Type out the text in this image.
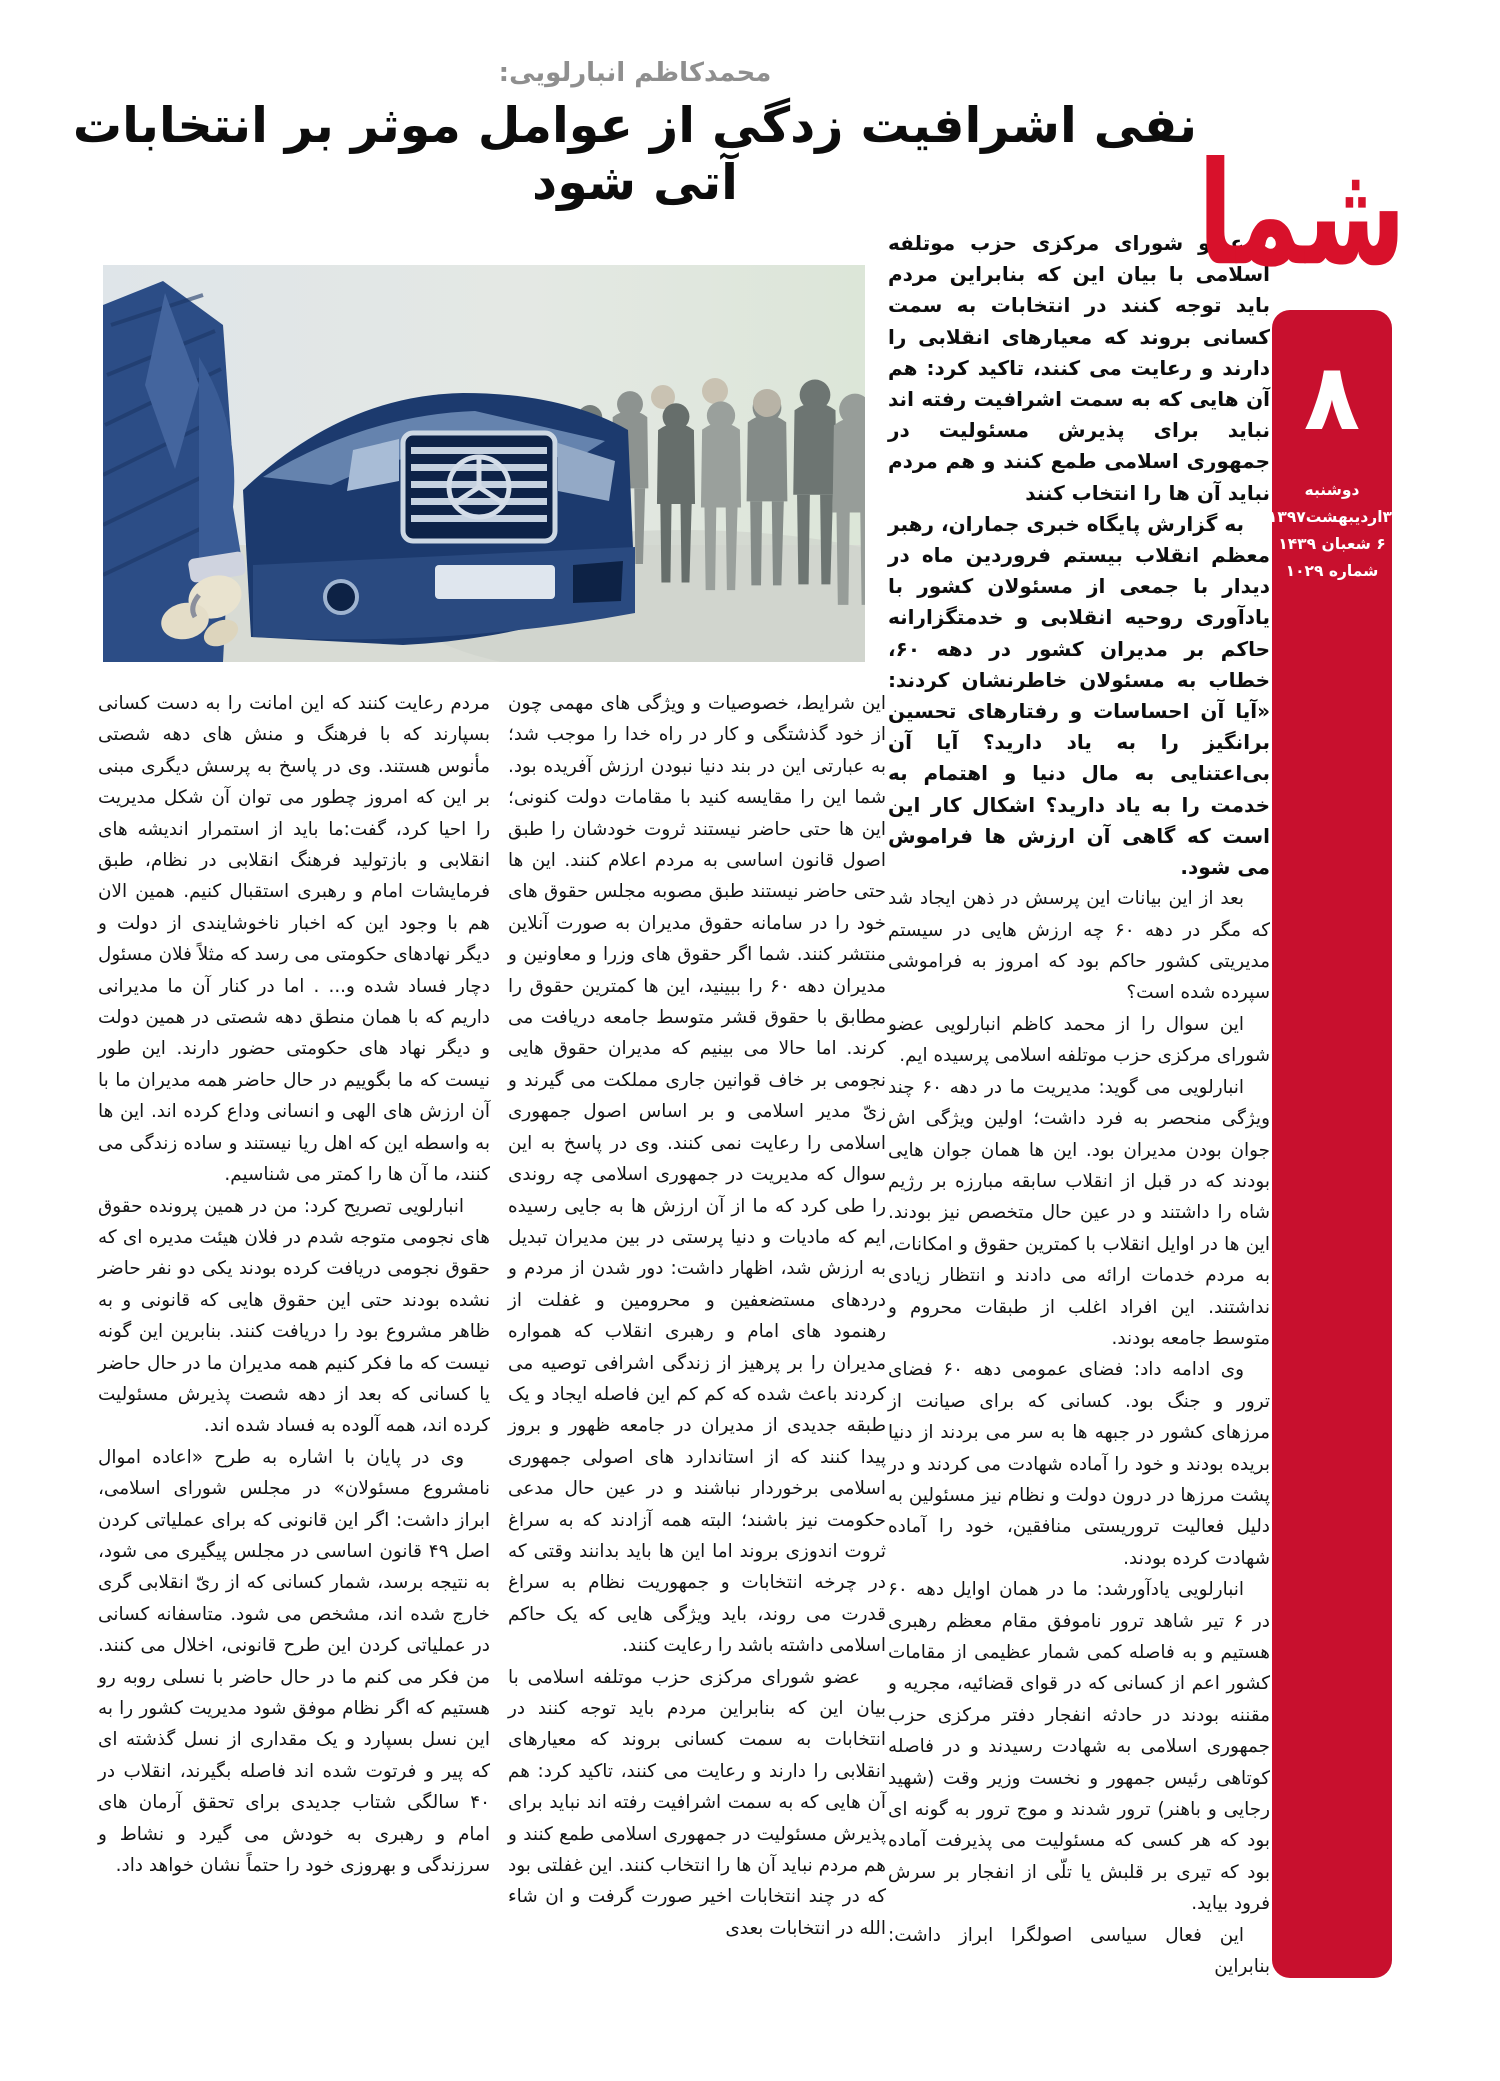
محمدکاظم انبارلویی:
نفی اشرافیت زدگی از عوامل موثر بر انتخابات آتی شود

عضو شورای مرکزی حزب موتلفه اسلامی با بیان این که بنابراین مردم باید توجه کنند در انتخابات به سمت کسانی بروند که معیارهای انقلابی را دارند و رعایت می کنند، تاکید کرد: هم آن هایی که به سمت اشرافیت رفته اند نباید برای پذیرش مسئولیت در جمهوری اسلامی طمع کنند و هم مردم نباید آن ها را انتخاب کنند

به گزارش پایگاه خبری جماران، رهبر معظم انقلاب بیستم فروردین ماه در دیدار با جمعی از مسئولان کشور با یادآوری روحیه انقلابی و خدمتگزارانه حاکم بر مدیران کشور در دهه ۶۰، خطاب به مسئولان خاطرنشان کردند: «آیا آن احساسات و رفتارهای تحسین برانگیز را به یاد دارید؟ آیا آن بی‌اعتنایی به مال دنیا و اهتمام به خدمت را به یاد دارید؟ اشکال کار این است که گاهی آن ارزش ها فراموش می شود.

بعد از این بیانات این پرسش در ذهن ایجاد شد که مگر در دهه ۶۰ چه ارزش هایی در سیستم مدیریتی کشور حاکم بود که امروز به فراموشی سپرده شده است؟

این سوال را از محمد کاظم انبارلویی عضو شورای مرکزی حزب موتلفه اسلامی پرسیده ایم.

انبارلویی می گوید: مدیریت ما در دهه ۶۰ چند ویژگی منحصر به فرد داشت؛ اولین ویژگی اش جوان بودن مدیران بود. این ها همان جوان هایی بودند که در قبل از انقلاب سابقه مبارزه بر رژیم شاه را داشتند و در عین حال متخصص نیز بودند. این ها در اوایل انقلاب با کمترین حقوق و امکانات، به مردم خدمات ارائه می دادند و انتظار زیادی نداشتند. این افراد اغلب از طبقات محروم و متوسط جامعه بودند.

وی ادامه داد: فضای عمومی دهه ۶۰ فضای ترور و جنگ بود. کسانی که برای صیانت از مرزهای کشور در جبهه ها به سر می بردند از دنیا بریده بودند و خود را آماده شهادت می کردند و در پشت مرزها در درون دولت و نظام نیز مسئولین به دلیل فعالیت تروریستی منافقین، خود را آماده شهادت کرده بودند.

انبارلویی یادآورشد: ما در همان اوایل دهه ۶۰ در ۶ تیر شاهد ترور ناموفق مقام معظم رهبری هستیم و به فاصله کمی شمار عظیمی از مقامات کشور اعم از کسانی که در قوای قضائیه، مجریه و مقننه بودند در حادثه انفجار دفتر مرکزی حزب جمهوری اسلامی به شهادت رسیدند و در فاصله کوتاهی رئیس جمهور و نخست وزیر وقت (شهید رجایی و باهنر) ترور شدند و موج ترور به گونه ای بود که هر کسی که مسئولیت می پذیرفت آماده بود که تیری بر قلبش یا تلّی از انفجار بر سرش فرود بیاید.

این فعال سیاسی اصولگرا ابراز داشت: بنابراین

این شرایط، خصوصیات و ویژگی های مهمی چون از خود گذشتگی و کار در راه خدا را موجب شد؛ به عبارتی این در بند دنیا نبودن ارزش آفریده بود. شما این را مقایسه کنید با مقامات دولت کنونی؛این ها حتی حاضر نیستند ثروت خودشان را طبق اصول قانون اساسی به مردم اعلام کنند. این ها حتی حاضر نیستند طبق مصوبه مجلس حقوق های خود را در سامانه حقوق مدیران به صورت آنلاین منتشر کنند. شما اگر حقوق های وزرا و معاونین و مدیران دهه ۶۰ را ببینید، این ها کمترین حقوق را مطابق با حقوق قشر متوسط جامعه دریافت می کرند. اما حالا می بینیم که مدیران حقوق هایی نجومی بر خاف قوانین جاری مملکت می گیرند و زیّ مدیر اسلامی و بر اساس اصول جمهوری اسلامی را رعایت نمی کنند. وی در پاسخ به این سوال که مدیریت در جمهوری اسلامی چه روندی را طی کرد که ما از آن ارزش ها به جایی رسیده ایم که مادیات و دنیا پرستی در بین مدیران تبدیل به ارزش شد، اظهار داشت: دور شدن از مردم و دردهای مستضعفین و محرومین و غفلت از رهنمود های امام و رهبری انقلاب که همواره مدیران را بر پرهیز از زندگی اشرافی توصیه می کردند باعث شده که کم کم این فاصله ایجاد و یک طبقه جدیدی از مدیران در جامعه ظهور و بروز پیدا کنند که از استاندارد های اصولی جمهوری اسلامی برخوردار نباشند و در عین حال مدعی حکومت نیز باشند؛ البته همه آزادند که به سراغ ثروت اندوزی بروند اما این ها باید بدانند وقتی که در چرخه انتخابات و جمهوریت نظام به سراغ قدرت می روند، باید ویژگی هایی که یک حاکم اسلامی داشته باشد را رعایت کنند.

عضو شورای مرکزی حزب موتلفه اسلامی با بیان این که بنابراین مردم باید توجه کنند در انتخابات به سمت کسانی بروند که معیارهای انقلابی را دارند و رعایت می کنند، تاکید کرد: هم آن هایی که به سمت اشرافیت رفته اند نباید برای پذیرش مسئولیت در جمهوری اسلامی طمع کنند و هم مردم نباید آن ها را انتخاب کنند. این غفلتی بود که در چند انتخابات اخیر صورت گرفت و ان شاء الله در انتخابات بعدی

مردم رعایت کنند که این امانت را به دست کسانی بسپارند که با فرهنگ و منش های دهه شصتی مأنوس هستند. وی در پاسخ به پرسش دیگری مبنی بر این که امروز چطور می توان آن شکل مدیریت را احیا کرد، گفت:ما باید از استمرار اندیشه های انقلابی و بازتولید فرهنگ انقلابی در نظام، طبق فرمایشات امام و رهبری استقبال کنیم. همین الان هم با وجود این که اخبار ناخوشایندی از دولت و دیگر نهادهای حکومتی می رسد که مثلاً فلان مسئول دچار فساد شده و... . اما در کنار آن ما مدیرانی داریم که با همان منطق دهه شصتی در همین دولت و دیگر نهاد های حکومتی حضور دارند. این طور نیست که ما بگوییم در حال حاضر همه مدیران ما با آن ارزش های الهی و انسانی وداع کرده اند. این ها به واسطه این که اهل ریا نیستند و ساده زندگی می کنند، ما آن ها را کمتر می شناسیم.

انبارلویی تصریح کرد: من در همین پرونده حقوق های نجومی متوجه شدم در فلان هیئت مدیره ای که حقوق نجومی دریافت کرده بودند یکی دو نفر حاضر نشده بودند حتی این حقوق هایی که قانونی و به ظاهر مشروع بود را دریافت کنند. بنابرین این گونه نیست که ما فکر کنیم همه مدیران ما در حال حاضر یا کسانی که بعد از دهه شصت پذیرش مسئولیت کرده اند، همه آلوده به فساد شده اند.

وی در پایان با اشاره به طرح «اعاده اموال نامشروع مسئولان» در مجلس شورای اسلامی، ابراز داشت: اگر این قانونی که برای عملیاتی کردن اصل ۴۹ قانون اساسی در مجلس پیگیری می شود، به نتیجه برسد، شمار کسانی که از ریّ انقلابی گری خارج شده اند، مشخص می شود. متاسفانه کسانی در عملیاتی کردن این طرح قانونی، اخلال می کنند. من فکر می کنم ما در حال حاضر با نسلی روبه رو هستیم که اگر نظام موفق شود مدیریت کشور را به این نسل بسپارد و یک مقداری از نسل گذشته ای که پیر و فرتوت شده اند فاصله بگیرند، انقلاب در ۴۰ سالگی شتاب جدیدی برای تحقق آرمان های امام و رهبری به خودش می گیرد و نشاط و سرزندگی و بهروزی خود را حتماً نشان خواهد داد.

شما
۸
دوشنبه
۳اردیبهشت۱۳۹۷
۶ شعبان ۱۴۳۹
شماره ۱۰۲۹
